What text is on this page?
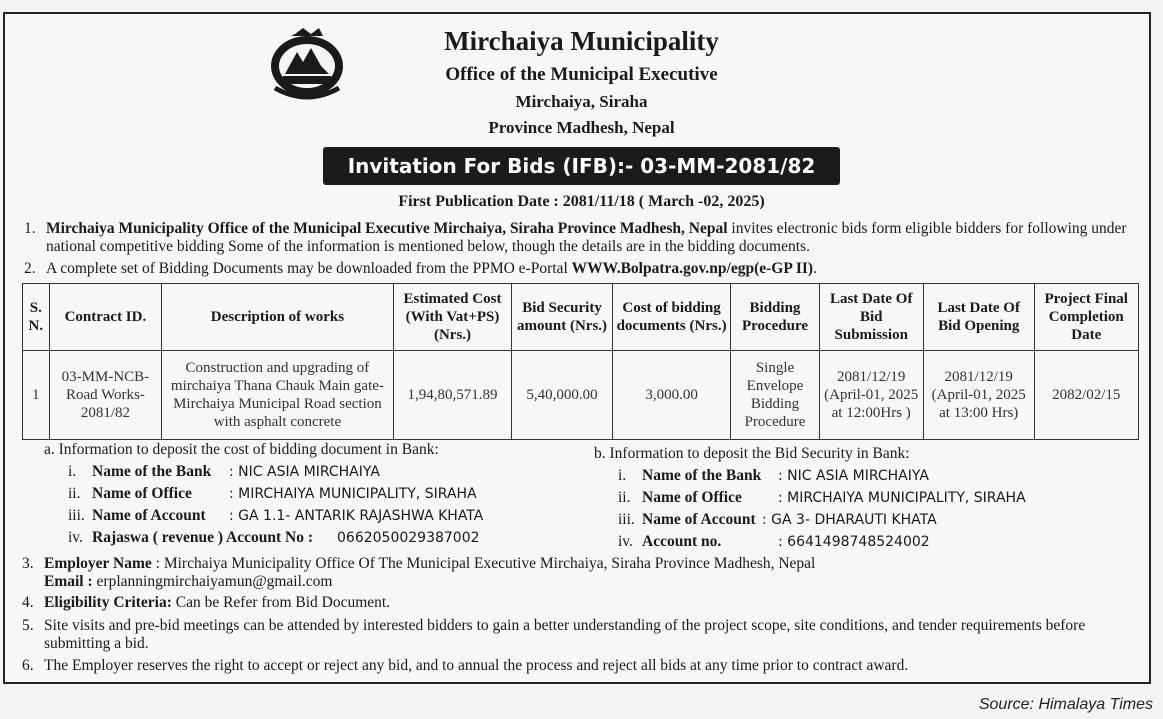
Mirchaiya Municipality
Office of the Municipal Executive
Mirchaiya, Siraha
Province Madhesh, Nepal
Invitation For Bids (IFB):- 03-MM-2081/82
First Publication Date : 2081/11/18 ( March -02, 2025)
1. Mirchaiya Municipality Office of the Municipal Executive Mirchaiya, Siraha Province Madhesh, Nepal invites electronic bids form eligible bidders for following under national competitive bidding Some of the information is mentioned below, though the details are in the bidding documents.
2. A complete set of Bidding Documents may be downloaded from the PPMO e-Portal WWW.Bolpatra.gov.np/egp(e-GP II).
S. N.	Contract ID.	Description of works	Estimated Cost (With Vat+PS) (Nrs.)	Bid Security amount (Nrs.)	Cost of bidding documents (Nrs.)	Bidding Procedure	Last Date Of Bid Submission	Last Date Of Bid Opening	Project Final Completion Date
1	03-MM-NCB-Road Works-2081/82	Construction and upgrading of mirchaiya Thana Chauk Main gate-Mirchaiya Municipal Road section with asphalt concrete	1,94,80,571.89	5,40,000.00	3,000.00	Single Envelope Bidding Procedure	2081/12/19 (April-01, 2025 at 12:00Hrs )	2081/12/19 (April-01, 2025 at 13:00 Hrs)	2082/02/15
a. Information to deposit the cost of bidding document in Bank:
i. Name of the Bank : NIC ASIA MIRCHAIYA
ii. Name of Office	: MIRCHAIYA MUNICIPALITY, SIRAHA
iii. Name of Account : GA 1.1- ANTARIK RAJASHWA KHATA
iv. Rajaswa ( revenue ) Account No : 0662050029387002
b. Information to deposit the Bid Security in Bank:
i. Name of the Bank : NIC ASIA MIRCHAIYA
ii. Name of Office	: MIRCHAIYA MUNICIPALITY, SIRAHA
iii. Name of Account : GA 3- DHARAUTI KHATA
iv. Account no.	: 6641498748524002
3. Employer Name : Mirchaiya Municipality Office Of The Municipal Executive Mirchaiya, Siraha Province Madhesh, Nepal
Email : erplanningmirchaiyamun@gmail.com
4. Eligibility Criteria: Can be Refer from Bid Document.
5. Site visits and pre-bid meetings can be attended by interested bidders to gain a better understanding of the project scope, site conditions, and tender requirements before submitting a bid.
6. The Employer reserves the right to accept or reject any bid, and to annual the process and reject all bids at any time prior to contract award.
Source: Himalaya Times
